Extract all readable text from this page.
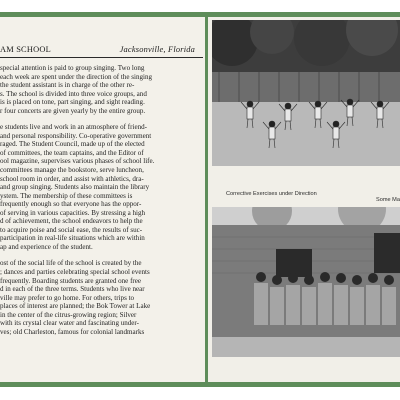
AM SCHOOL	Jacksonville, Florida

special attention is paid to group singing. Two long
each week are spent under the direction of the singing
the student assistant is in charge of the other re-
s. The school is divided into three voice groups, and
is is placed on tone, part singing, and sight reading.
r four concerts are given yearly by the entire group.

e students live and work in an atmosphere of friend-
and personal responsibility. Co-operative government
raged. The Student Council, made up of the elected
of committees, the team captains, and the Editor of
ool magazine, supervises various phases of school life.
committees manage the bookstore, serve luncheon,
school room in order, and assist with athletics, dra-
and group singing. Students also maintain the library
ystem. The membership of these committees is
frequently enough so that everyone has the oppor-
of serving in various capacities. By stressing a high
d of achievement, the school endeavors to help the
to acquire poise and social ease, the results of suc-
participation in real-life situations which are within
ap and experience of the student.

ost of the social life of the school is created by the
; dances and parties celebrating special school events
frequently. Boarding students are granted one free
d in each of the three terms. Students who live near
ville may prefer to go home. For others, trips to
places of interest are planned; the Bok Tower at Lake
in the center of the citrus-growing region; Silver
with its crystal clear water and fascinating under-
ves; old Charleston, famous for colonial landmarks

Corrective Exercises under Direction
Some Ma
